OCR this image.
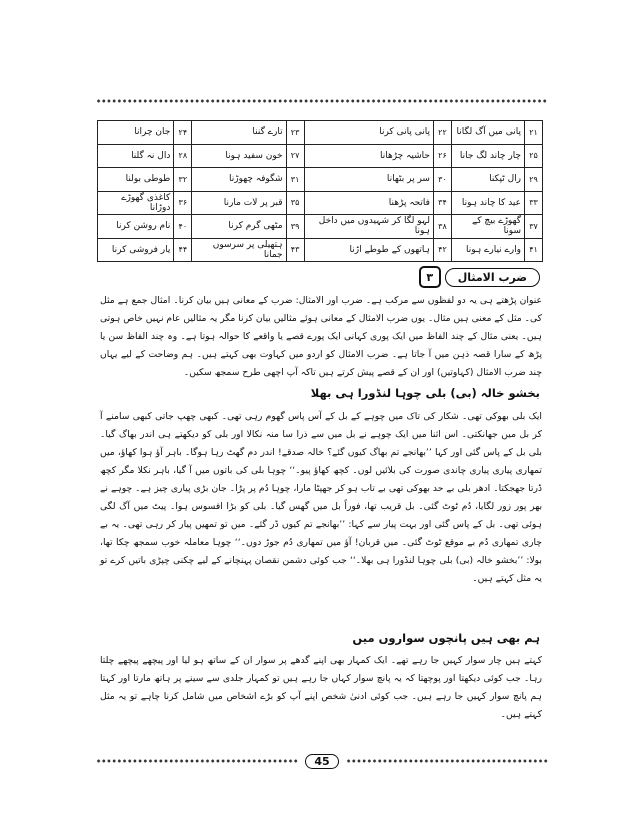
۲۱	پانی میں آگ لگانا	۲۲	پانی پانی کرنا	۲۳	تارے گننا	۲۴	جان چرانا
۲۵	چار چاند لگ جانا	۲۶	حاشیہ چڑھانا	۲۷	خون سفید ہونا	۲۸	دال نہ گلنا
۲۹	رال ٹپکنا	۳۰	سر پر بٹھانا	۳۱	شگوفہ چھوڑنا	۳۲	طوطی بولنا
۳۳	عید کا چاند ہونا	۳۴	فاتحہ پڑھنا	۳۵	قبر پر لات مارنا	۳۶	کاغذی گھوڑے دوڑانا
۳۷	گھوڑے بیچ کے سونا	۳۸	لہو لگا کر شہیدوں میں داخل ہونا	۳۹	مٹھی گرم کرنا	۴۰	نام روشن کرنا
۴۱	وارے نیارے ہونا	۴۲	ہاتھوں کے طوطے اڑنا	۴۳	ہتھیلی پر سرسوں جمانا	۴۴	یار فروشی کرنا
۳	ضرب الامثال

عنوان پڑھتے ہی یہ دو لفظوں سے مرکب ہے۔ ضرب اور الامثال: ضرب کے معانی ہیں بیان کرنا۔ امثال جمع ہے مثل کی۔ مثل کے معنی ہیں مثال۔ یوں ضرب الامثال کے معانی ہوئے مثالیں بیان کرنا مگر یہ مثالیں عام نہیں خاص ہوتی ہیں۔ یعنی مثال کے چند الفاظ میں ایک پوری کہانی ایک پورے قصے یا واقعے کا حوالہ ہوتا ہے۔ وہ چند الفاظ سن یا پڑھ کے سارا قصہ ذہن میں آ جاتا ہے۔ ضرب الامثال کو اردو میں کہاوت بھی کہتے ہیں۔ ہم وضاحت کے لیے یہاں چند ضرب الامثال (کہاوتیں) اور ان کے قصے پیش کرتے ہیں تاکہ آپ اچھی طرح سمجھ سکیں۔

بخشو خالہ (بی) بلی چوہا لنڈورا ہی بھلا

ایک بلی بھوکی تھی۔ شکار کی تاک میں چوہے کے بل کے آس پاس گھوم رہی تھی۔ کبھی چھپ جاتی کبھی سامنے آ کر بل میں جھانکتی۔ اس اثنا میں ایک چوہے نے بل میں سے ذرا سا منہ نکالا اور بلی کو دیکھتے ہی اندر بھاگ گیا۔ بلی بل کے پاس گئی اور کہا ’’بھانجے تم بھاگ کیوں گئے؟ خالہ صدقے! اندر دم گھٹ رہا ہوگا۔ باہر آؤ ہوا کھاؤ، میں تمھاری پیاری پیاری چاندی صورت کی بلائیں لوں۔ کچھ کھاؤ پیو۔‘‘ چوہا بلی کی باتوں میں آ گیا، باہر نکلا مگر کچھ ڈرتا جھجکتا۔ ادھر بلی بے حد بھوکی تھی بے تاب ہو کر جھپٹا مارا، چوہا دُم پر پڑا۔ جان بڑی پیاری چیز ہے۔ چوہے نے بھر پور زور لگایا، دُم ٹوٹ گئی۔ بل قریب تھا، فوراً بل میں گھس گیا۔ بلی کو بڑا افسوس ہوا۔ پیٹ میں آگ لگی ہوئی تھی۔ بل کے پاس گئی اور بہت پیار سے کہا: ’’بھانجے تم کیوں ڈر گئے۔ میں تو تمھیں پیار کر رہی تھی۔ یہ بے چاری تمھاری دُم بے موقع ٹوٹ گئی۔ میں قربان! آؤ میں تمھاری دُم جوڑ دوں۔‘‘ چوہا معاملہ خوب سمجھ چکا تھا، بولا: ’’بخشو خالہ (بی) بلی چوہا لنڈورا ہی بھلا۔‘‘ جب کوئی دشمن نقصان پہنچانے کے لیے چکنی چپڑی باتیں کرے تو یہ مثل کہتے ہیں۔

ہم بھی ہیں پانچوں سواروں میں

کہتے ہیں چار سوار کہیں جا رہے تھے۔ ایک کمہار بھی اپنے گدھے پر سوار ان کے ساتھ ہو لیا اور پیچھے پیچھے چلتا رہا۔ جب کوئی دیکھتا اور پوچھتا کہ یہ پانچ سوار کہاں جا رہے ہیں تو کمہار جلدی سے سینے پر ہاتھ مارتا اور کہتا ہم پانچ سوار کہیں جا رہے ہیں۔ جب کوئی ادنیٰ شخص اپنے آپ کو بڑے اشخاص میں شامل کرنا چاہے تو یہ مثل کہتے ہیں۔

45
